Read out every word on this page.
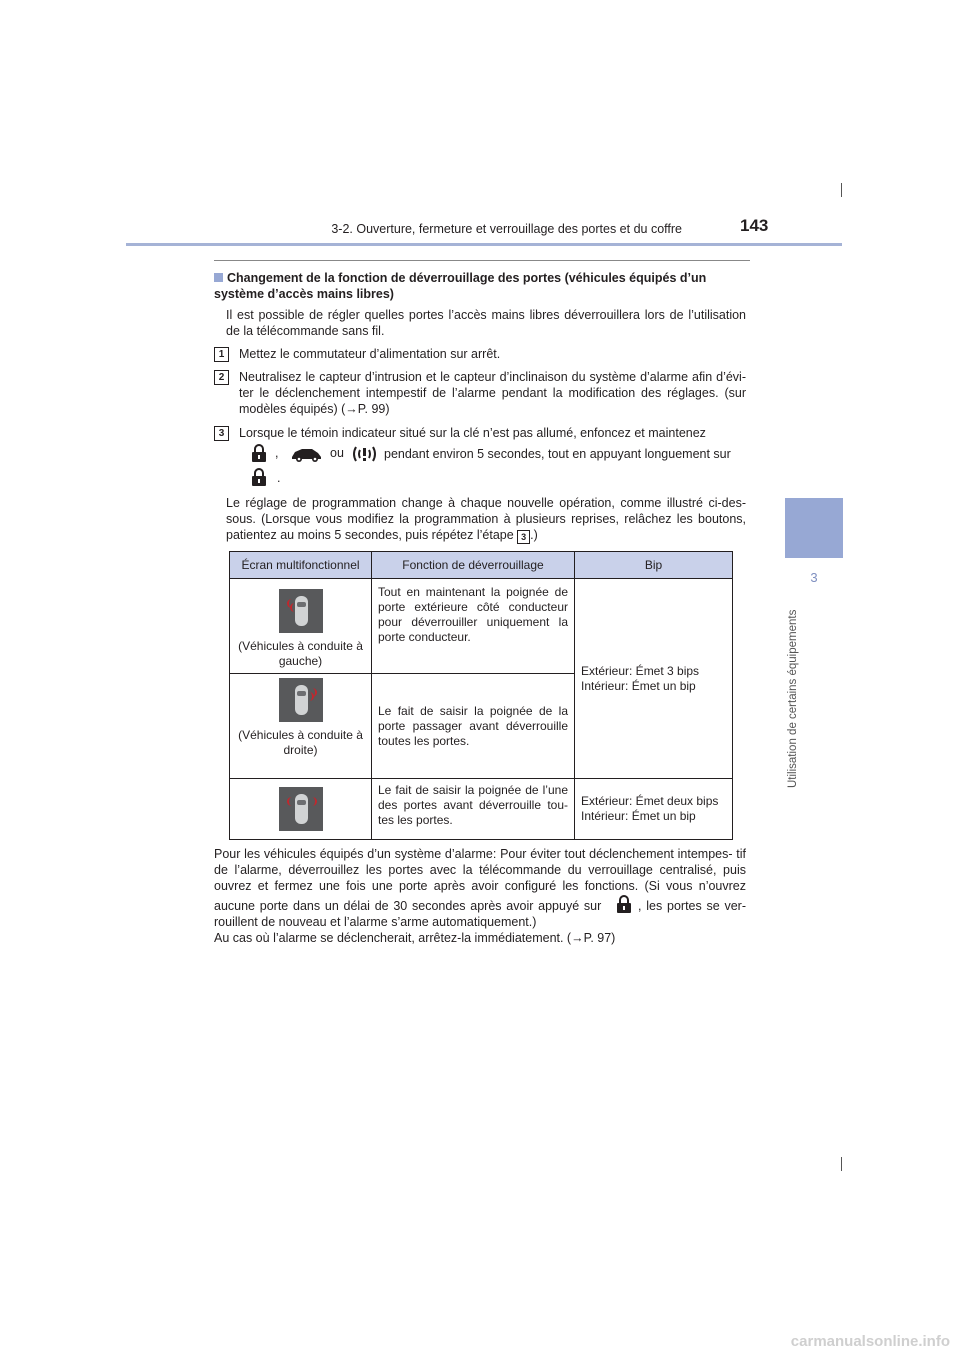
3-2. Ouverture, fermeture et verrouillage des portes et du coffre	143
3
Utilisation de certains équipements
Changement de la fonction de déverrouillage des portes (véhicules équipés d’un système d’accès mains libres)
Il est possible de régler quelles portes l’accès mains libres déverrouillera lors de l’utilisation de la télécommande sans fil.
1	Mettez le commutateur d’alimentation sur arrêt.
2	Neutralisez le capteur d’intrusion et le capteur d’inclinaison du système d’alarme afin d’évi- ter le déclenchement intempestif de l’alarme pendant la modification des réglages. (sur modèles équipés) (→P. 99)
3	Lorsque le témoin indicateur situé sur la clé n’est pas allumé, enfoncez et maintenez
,	ou	pendant environ 5 secondes, tout en appuyant longuement sur
.
Le réglage de programmation change à chaque nouvelle opération, comme illustré ci-des- sous. (Lorsque vous modifiez la programmation à plusieurs reprises, relâchez les boutons, patientez au moins 5 secondes, puis répétez l’étape 3 .)
Écran multifonctionnel	Fonction de déverrouillage	Bip

(Véhicules à conduite à gauche)	Tout en maintenant la poignée de porte extérieure côté conducteur pour déverrouiller uniquement la porte conducteur.	Extérieur: Émet 3 bips
Intérieur: Émet un bip

(Véhicules à conduite à droite)	Le fait de saisir la poignée de la porte passager avant déverrouille toutes les portes.	

	Le fait de saisir la poignée de l’une des portes avant déverrouille tou- tes les portes.	Extérieur: Émet deux bips
Intérieur: Émet un bip
Pour les véhicules équipés d’un système d’alarme: Pour éviter tout déclenchement intempes- tif de l’alarme, déverrouillez les portes avec la télécommande du verrouillage centralisé, puis ouvrez et fermez une fois une porte après avoir configuré les fonctions. (Si vous n’ouvrez aucune porte dans un délai de 30 secondes après avoir appuyé sur	, les portes se ver- rouillent de nouveau et l’alarme s’arme automatiquement.)
Au cas où l’alarme se déclencherait, arrêtez-la immédiatement. (→P. 97)
carmanualsonline.info
